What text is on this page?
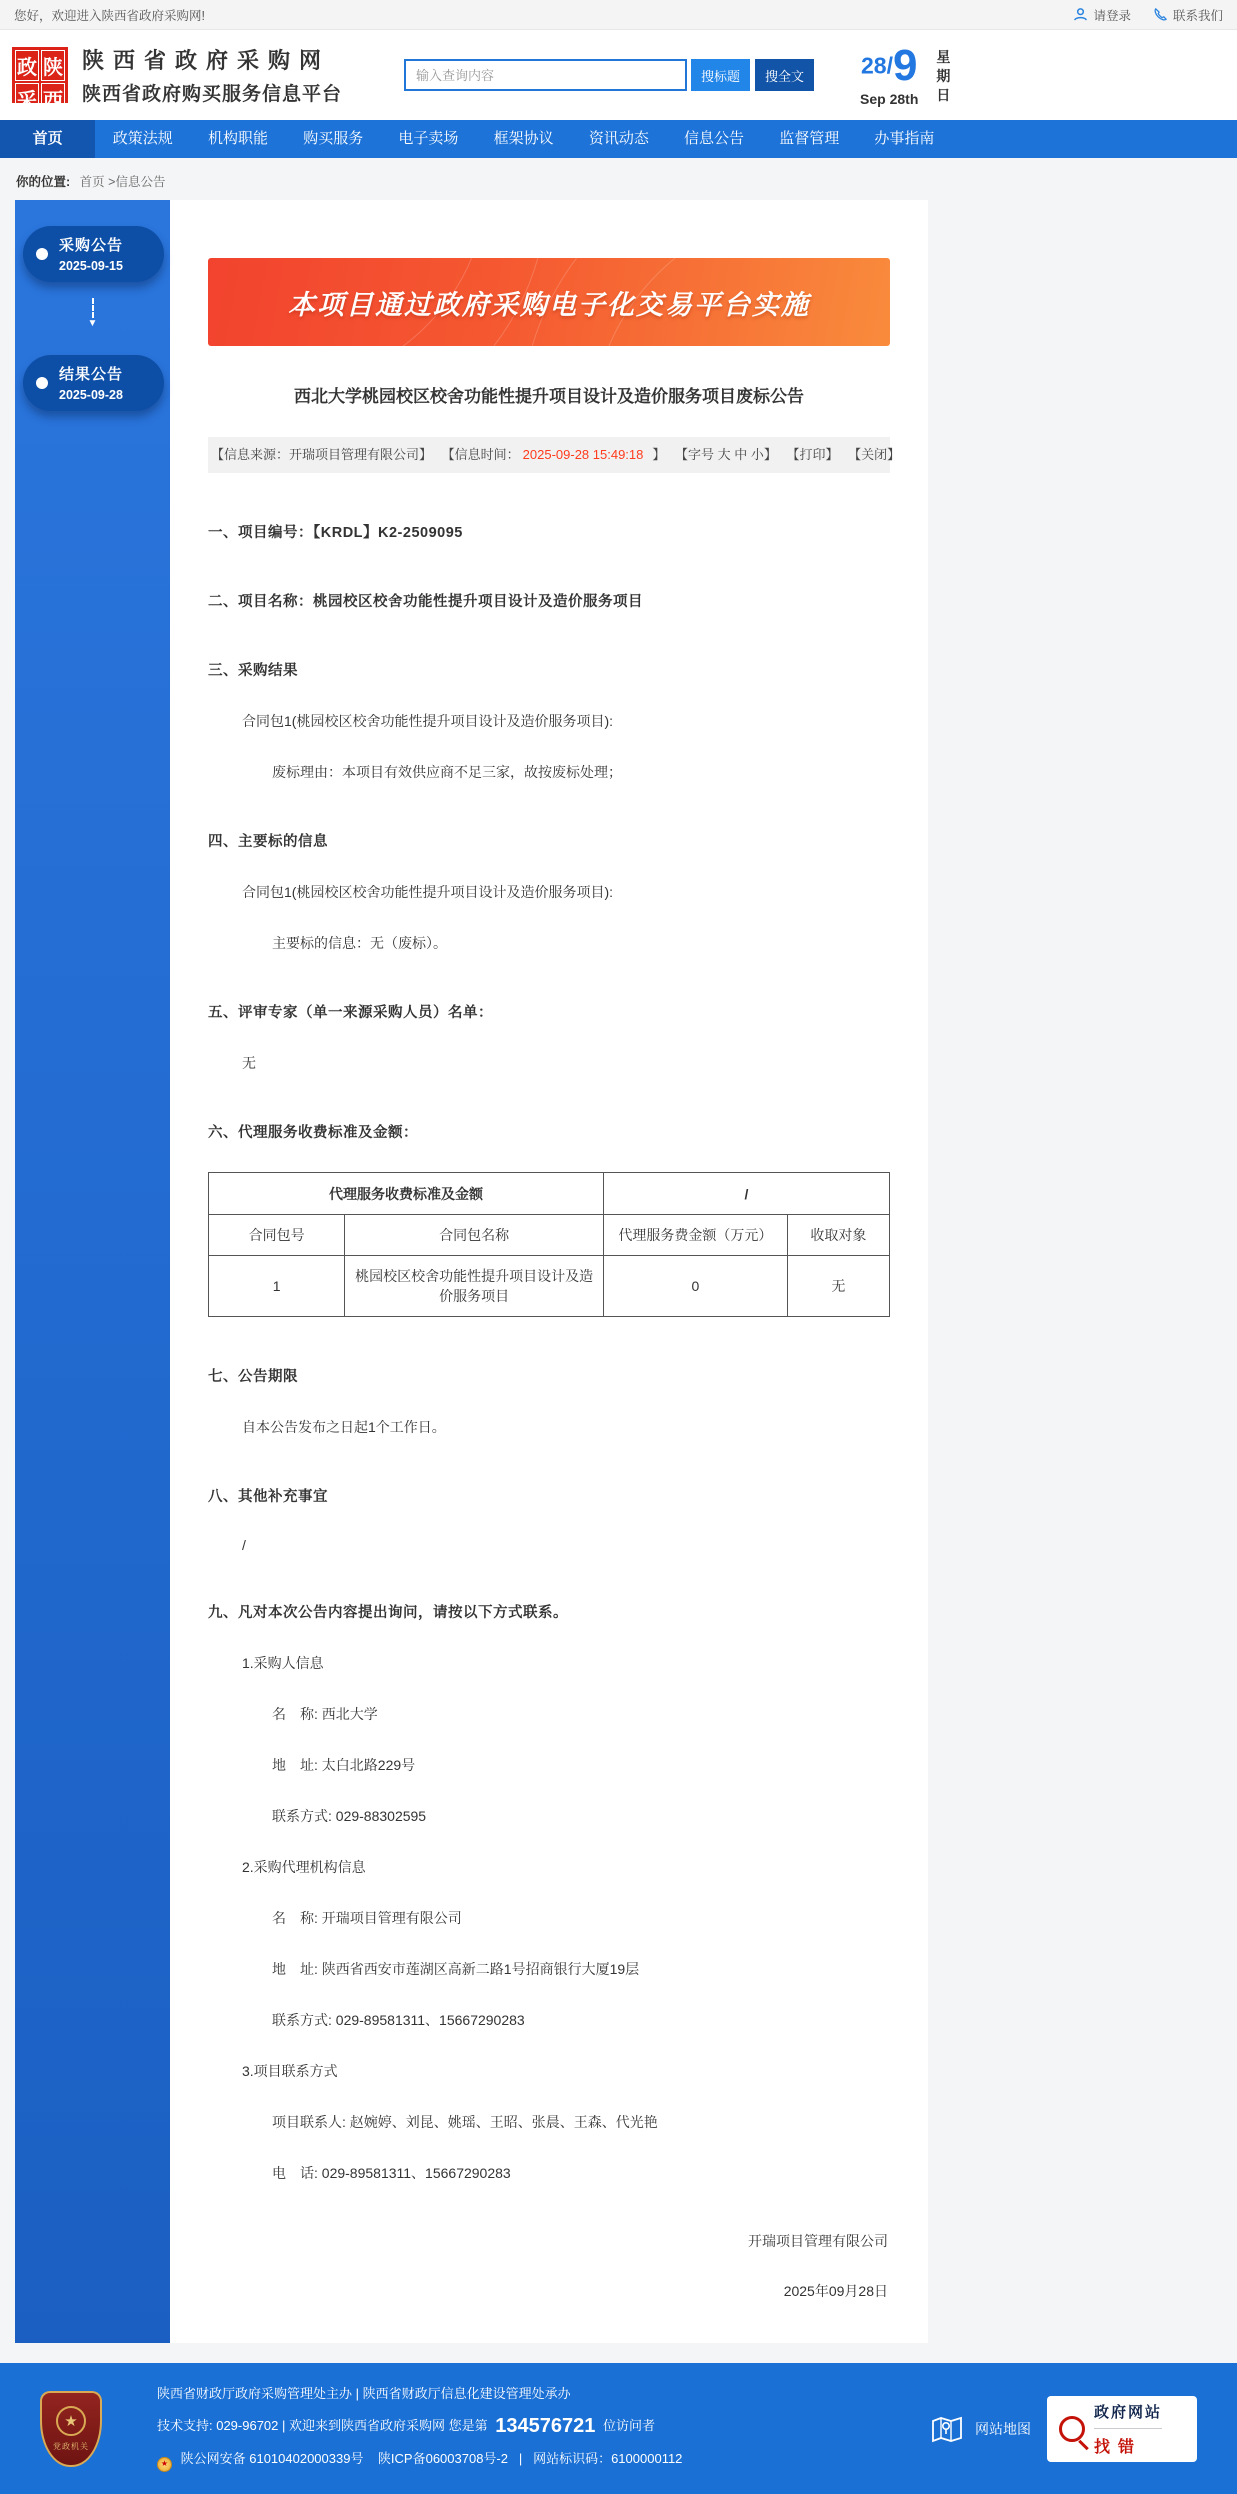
您好，欢迎进入陕西省政府采购网!	请登录	联系我们
政 陕
采 西
陕西省政府采购网
陕西省政府购买服务信息平台
输入查询内容
搜标题	搜全文	28/9
Sep 28th
星
期
日
首页	政策法规	机构职能	购买服务	电子卖场	框架协议	资讯动态	信息公告	监督管理	办事指南
你的位置: 首页 >信息公告
采购公告
2025-09-15
▼
结果公告
2025-09-28
本项目通过政府采购电子化交易平台实施
西北大学桃园校区校舍功能性提升项目设计及造价服务项目废标公告
【信息来源：开瑞项目管理有限公司】 【信息时间： 2025-09-28 15:49:18 】 【字号 大 中 小】 【打印】 【关闭】
一、项目编号：【KRDL】K2-2509095
二、项目名称：桃园校区校舍功能性提升项目设计及造价服务项目
三、采购结果
合同包1(桃园校区校舍功能性提升项目设计及造价服务项目):
废标理由：本项目有效供应商不足三家，故按废标处理；
四、主要标的信息
合同包1(桃园校区校舍功能性提升项目设计及造价服务项目):
主要标的信息：无（废标）。
五、评审专家（单一来源采购人员）名单：
无
六、代理服务收费标准及金额：
代理服务收费标准及金额		/	
合同包号	合同包名称	代理服务费金额（万元）	收取对象
1	桃园校区校舍功能性提升项目设计及造价服务项目	0	无
七、公告期限
自本公告发布之日起1个工作日。
八、其他补充事宜
/
九、凡对本次公告内容提出询问，请按以下方式联系。
1.采购人信息
名　称: 西北大学
地　址: 太白北路229号
联系方式: 029-88302595
2.采购代理机构信息
名　称: 开瑞项目管理有限公司
地　址: 陕西省西安市莲湖区高新二路1号招商银行大厦19层
联系方式: 029-89581311、15667290283
3.项目联系方式
项目联系人: 赵婉婷、刘昆、姚瑶、王昭、张晨、王森、代光艳
电　话: 029-89581311、15667290283
开瑞项目管理有限公司
2025年09月28日
★
党政机关
陕西省财政厅政府采购管理处主办 | 陕西省财政厅信息化建设管理处承办
技术支持: 029-96702 | 欢迎来到陕西省政府采购网 您是第 134576721 位访问者
★ 陕公网安备 61010402000339号 陕ICP备06003708号-2 | 网站标识码：6100000112
网站地图
政府网站
找错
